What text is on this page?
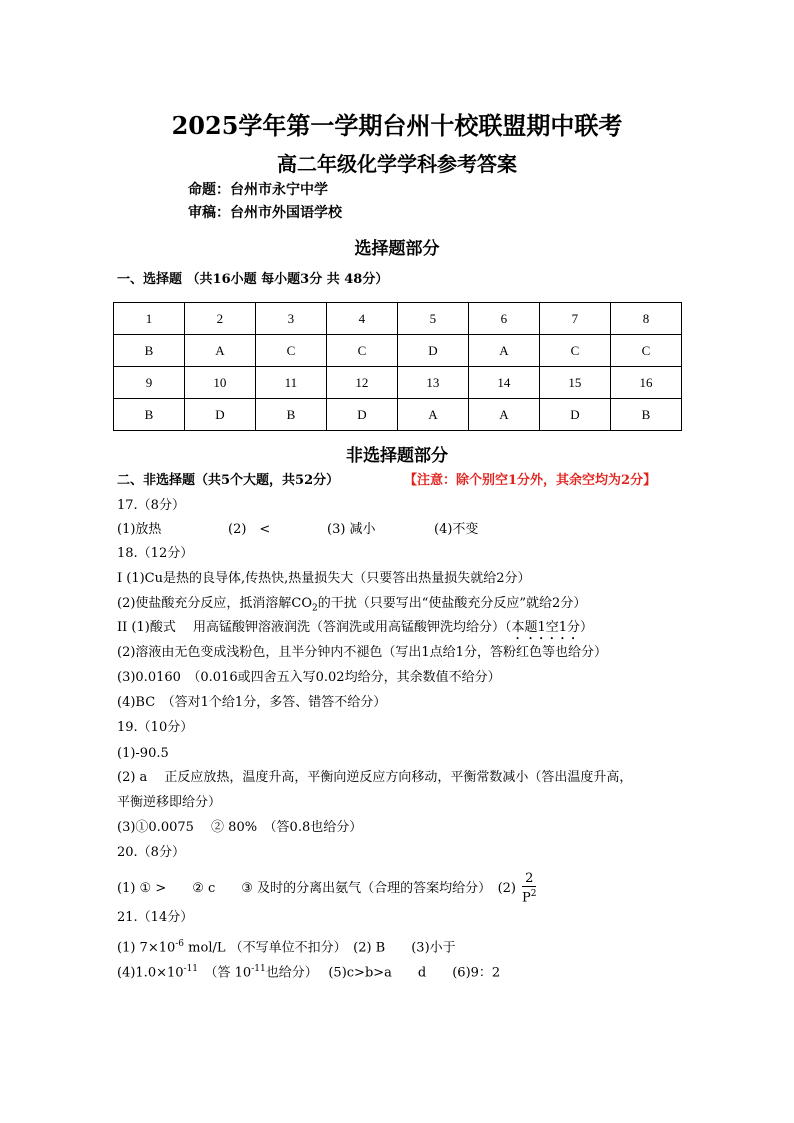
2025学年第一学期台州十校联盟期中联考
高二年级化学学科参考答案
命题：台州市永宁中学
审稿：台州市外国语学校
选择题部分
一、选择题 （共16小题 每小题3分 共 48分）
1	2	3	4	5	6	7	8
B	A	C	C	D	A	C	C
9	10	11	12	13	14	15	16
B	D	B	D	A	A	D	B
非选择题部分
二、非选择题（共5个大题，共52分）	【注意：除个别空1分外，其余空均为2分】
17.（8分）
(1)放热	(2)　<	(3) 减小	(4)不变
18.（12分）
I (1)Cu是热的良导体,传热快,热量损失大（只要答出热量损失就给2分）
(2)使盐酸充分反应，抵消溶解$CO_2$的干扰（只要写出“使盐酸充分反应”就给2分）
II (1)酸式　 用高锰酸钾溶液润洗（答润洗或用高锰酸钾洗均给分）（本题1空1分）
(2)溶液由无色变成浅粉色，且半分钟内不褪色（写出1点给1分，答粉红色等也给分）
(3)0.0160　（0.016或四舍五入写0.02均给分，其余数值不给分）
(4)BC　（答对1个给1分，多答、错答不给分）
19.（10分）
(1)-90.5
(2) a　 正反应放热，温度升高，平衡向逆反应方向移动，平衡常数减小（答出温度升高，
平衡逆移即给分）
(3)①0.0075　 ② 80%　（答0.8也给分）
20.（8分）
(1) ① >　　② c　　③ 及时的分离出氨气（合理的答案均给分）　$(2) \frac{2}{P^2}$
21.（14分）
(1) $7\times 10^{-6}$ mol/L （不写单位不扣分）　(2) B　　(3)小于
$(4)1.0\times 10^{-11}$　（答 $10^{-11}$也给分）　 (5)c>b>a　　d　　(6)9：2
